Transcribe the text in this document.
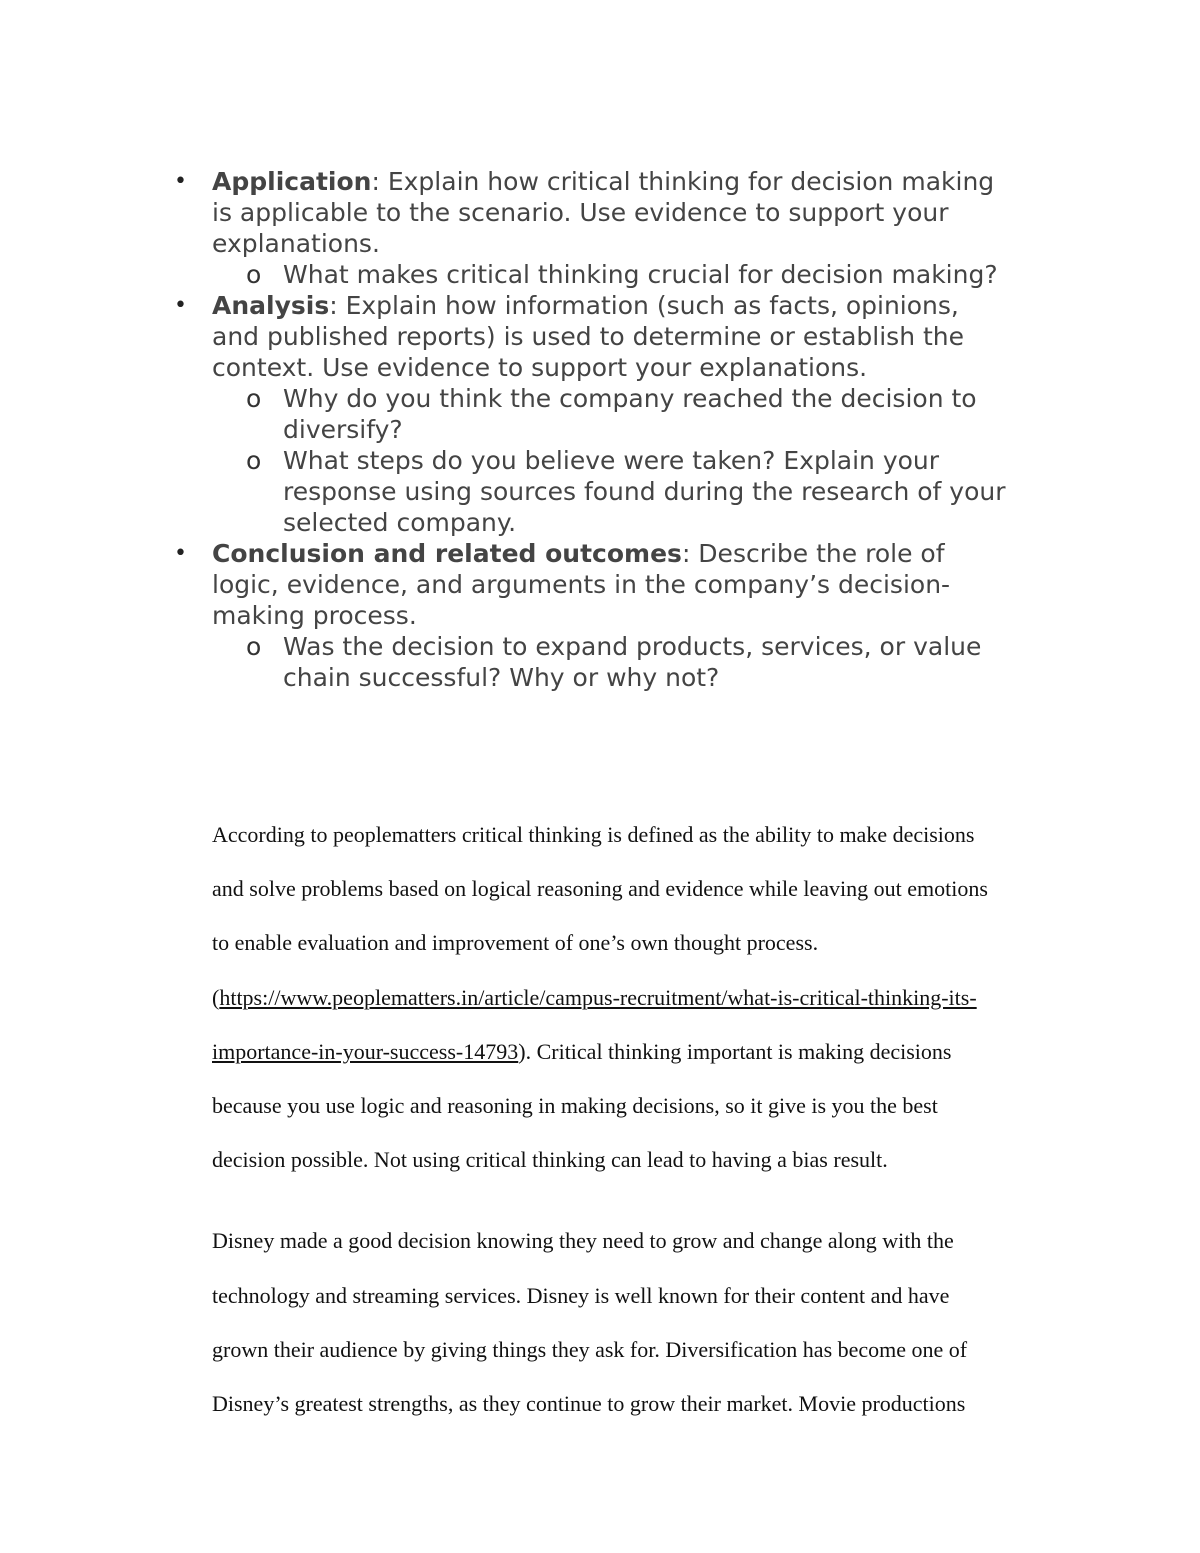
• Application: Explain how critical thinking for decision making
is applicable to the scenario. Use evidence to support your
explanations.
o What makes critical thinking crucial for decision making?
• Analysis: Explain how information (such as facts, opinions,
and published reports) is used to determine or establish the
context. Use evidence to support your explanations.
o Why do you think the company reached the decision to
diversify?
o What steps do you believe were taken? Explain your
response using sources found during the research of your
selected company.
• Conclusion and related outcomes: Describe the role of
logic, evidence, and arguments in the company’s decision-
making process.
o Was the decision to expand products, services, or value
chain successful? Why or why not?

According to peoplematters critical thinking is defined as the ability to make decisions
and solve problems based on logical reasoning and evidence while leaving out emotions
to enable evaluation and improvement of one’s own thought process.
(https://www.peoplematters.in/article/campus-recruitment/what-is-critical-thinking-its-
importance-in-your-success-14793). Critical thinking important is making decisions
because you use logic and reasoning in making decisions, so it give is you the best
decision possible. Not using critical thinking can lead to having a bias result.

Disney made a good decision knowing they need to grow and change along with the
technology and streaming services. Disney is well known for their content and have
grown their audience by giving things they ask for. Diversification has become one of
Disney’s greatest strengths, as they continue to grow their market. Movie productions
